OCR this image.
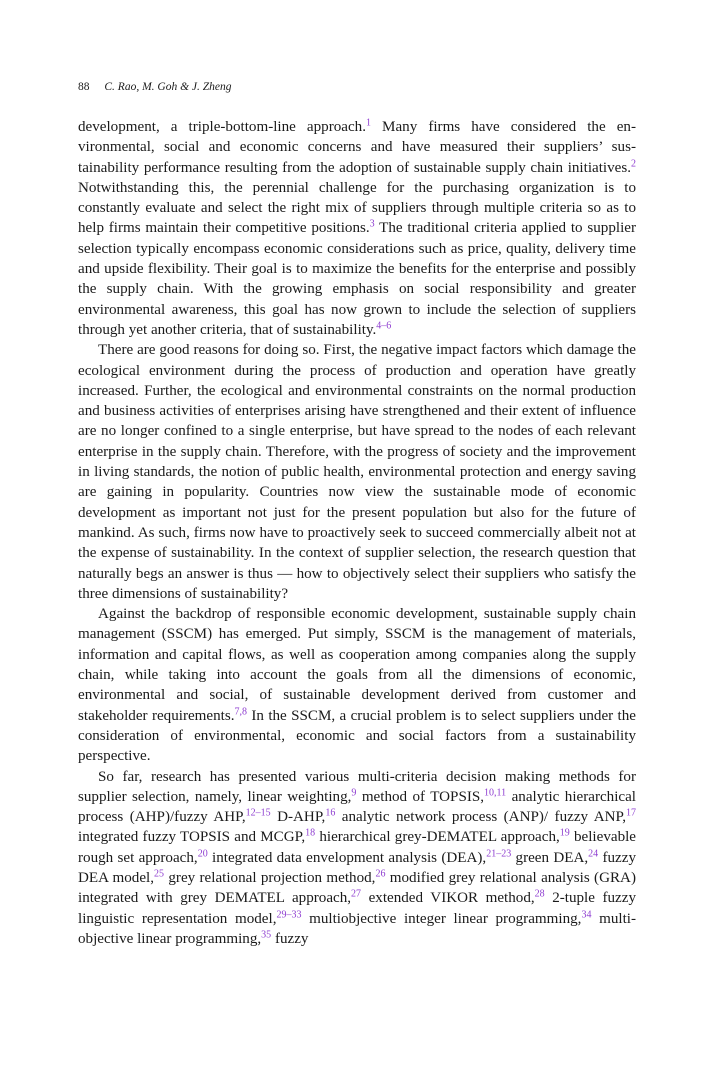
88 C. Rao, M. Goh & J. Zheng

development, a triple-bottom-line approach.$^1$ Many firms have considered the environmental, social and economic concerns and have measured their suppliers’ sustainability performance resulting from the adoption of sustainable supply chain initiatives.$^2$ Notwithstanding this, the perennial challenge for the purchasing organization is to constantly evaluate and select the right mix of suppliers through multiple criteria so as to help firms maintain their competitive positions.$^3$ The traditional criteria applied to supplier selection typically encompass economic considerations such as price, quality, delivery time and upside flexibility. Their goal is to maximize the benefits for the enterprise and possibly the supply chain. With the growing emphasis on social responsibility and greater environmental awareness, this goal has now grown to include the selection of suppliers through yet another criteria, that of sustainability.$^{4-6}$

There are good reasons for doing so. First, the negative impact factors which damage the ecological environment during the process of production and operation have greatly increased. Further, the ecological and environmental constraints on the normal production and business activities of enterprises arising have strengthened and their extent of influence are no longer confined to a single enterprise, but have spread to the nodes of each relevant enterprise in the supply chain. Therefore, with the progress of society and the improvement in living standards, the notion of public health, environmental protection and energy saving are gaining in popularity. Countries now view the sustainable mode of economic development as important not just for the present population but also for the future of mankind. As such, firms now have to proactively seek to succeed commercially albeit not at the expense of sustainability. In the context of supplier selection, the research question that naturally begs an answer is thus — how to objectively select their suppliers who satisfy the three dimensions of sustainability?

Against the backdrop of responsible economic development, sustainable supply chain management (SSCM) has emerged. Put simply, SSCM is the management of materials, information and capital flows, as well as cooperation among companies along the supply chain, while taking into account the goals from all the dimensions of economic, environmental and social, of sustainable development derived from customer and stakeholder requirements.$^{7,8}$ In the SSCM, a crucial problem is to select suppliers under the consideration of environmental, economic and social factors from a sustainability perspective.

So far, research has presented various multi-criteria decision making methods for supplier selection, namely, linear weighting,$^9$ method of TOPSIS,$^{10,11}$ analytic hierarchical process (AHP)/fuzzy AHP,$^{12-15}$ D-AHP,$^{16}$ analytic network process (ANP)/ fuzzy ANP,$^{17}$ integrated fuzzy TOPSIS and MCGP,$^{18}$ hierarchical grey-DEMATEL approach,$^{19}$ believable rough set approach,$^{20}$ integrated data envelopment analysis (DEA),$^{21-23}$ green DEA,$^{24}$ fuzzy DEA model,$^{25}$ grey relational projection method,$^{26}$ modified grey relational analysis (GRA) integrated with grey DEMATEL approach,$^{27}$ extended VIKOR method,$^{28}$ 2-tuple fuzzy linguistic representation model,$^{29-33}$ multiobjective integer linear programming,$^{34}$ multi-objective linear programming,$^{35}$ fuzzy
